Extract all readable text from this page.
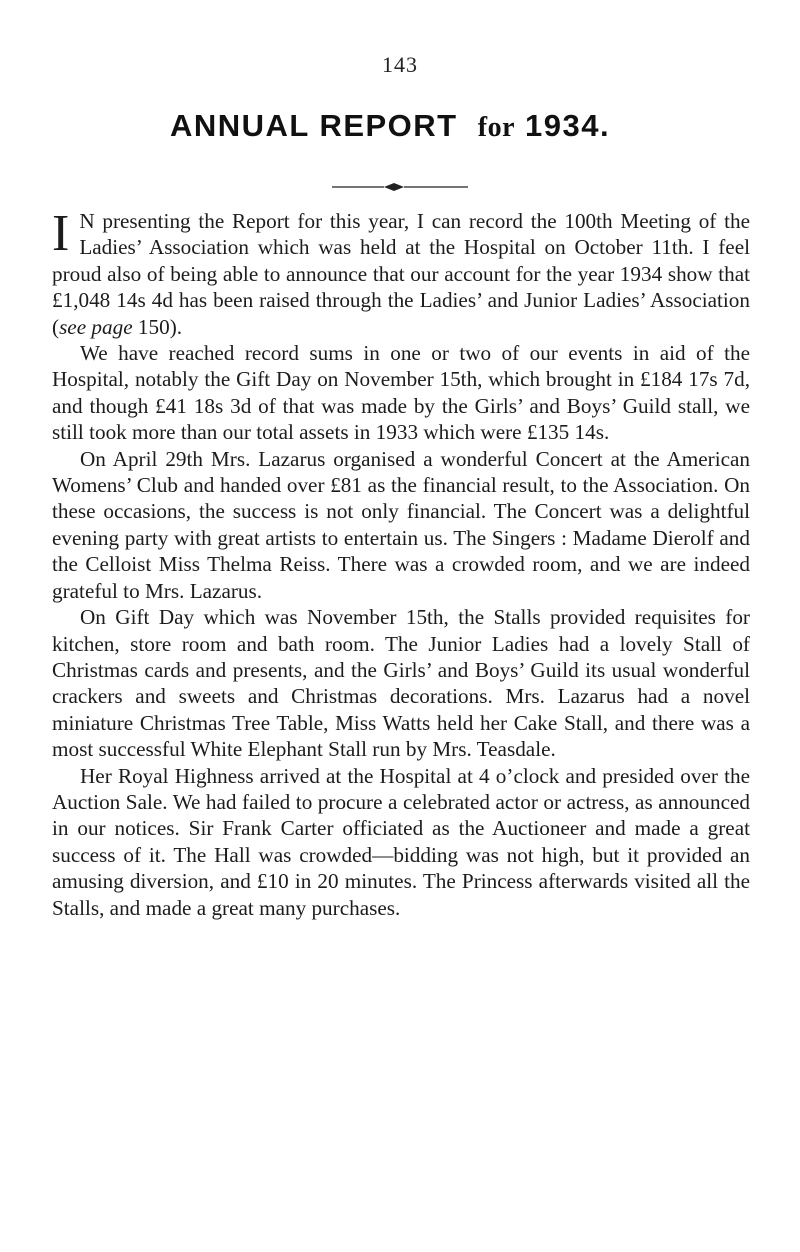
143
ANNUAL REPORT for 1934.

I N presenting the Report for this year, I can record the 100th Meeting of the Ladies’ Association which was held at the Hospital on October 11th. I feel proud also of being able to announce that our account for the year 1934 show that £1,048 14s 4d has been raised through the Ladies’ and Junior Ladies’ Association (see page 150).

We have reached record sums in one or two of our events in aid of the Hospital, notably the Gift Day on November 15th, which brought in £184 17s 7d, and though £41 18s 3d of that was made by the Girls’ and Boys’ Guild stall, we still took more than our total assets in 1933 which were £135 14s.

On April 29th Mrs. Lazarus organised a wonderful Concert at the American Womens’ Club and handed over £81 as the financial result, to the Association. On these occasions, the success is not only financial. The Concert was a delightful evening party with great artists to entertain us. The Singers : Madame Dierolf and the Celloist Miss Thelma Reiss. There was a crowded room, and we are indeed grateful to Mrs. Lazarus.

On Gift Day which was November 15th, the Stalls provided requisites for kitchen, store room and bath room. The Junior Ladies had a lovely Stall of Christmas cards and presents, and the Girls’ and Boys’ Guild its usual wonderful crackers and sweets and Christmas decorations. Mrs. Lazarus had a novel miniature Christmas Tree Table, Miss Watts held her Cake Stall, and there was a most successful White Elephant Stall run by Mrs. Teasdale.

Her Royal Highness arrived at the Hospital at 4 o’clock and presided over the Auction Sale. We had failed to procure a celebrated actor or actress, as announced in our notices. Sir Frank Carter officiated as the Auctioneer and made a great success of it. The Hall was crowded—bidding was not high, but it provided an amusing diversion, and £10 in 20 minutes. The Princess afterwards visited all the Stalls, and made a great many purchases.
